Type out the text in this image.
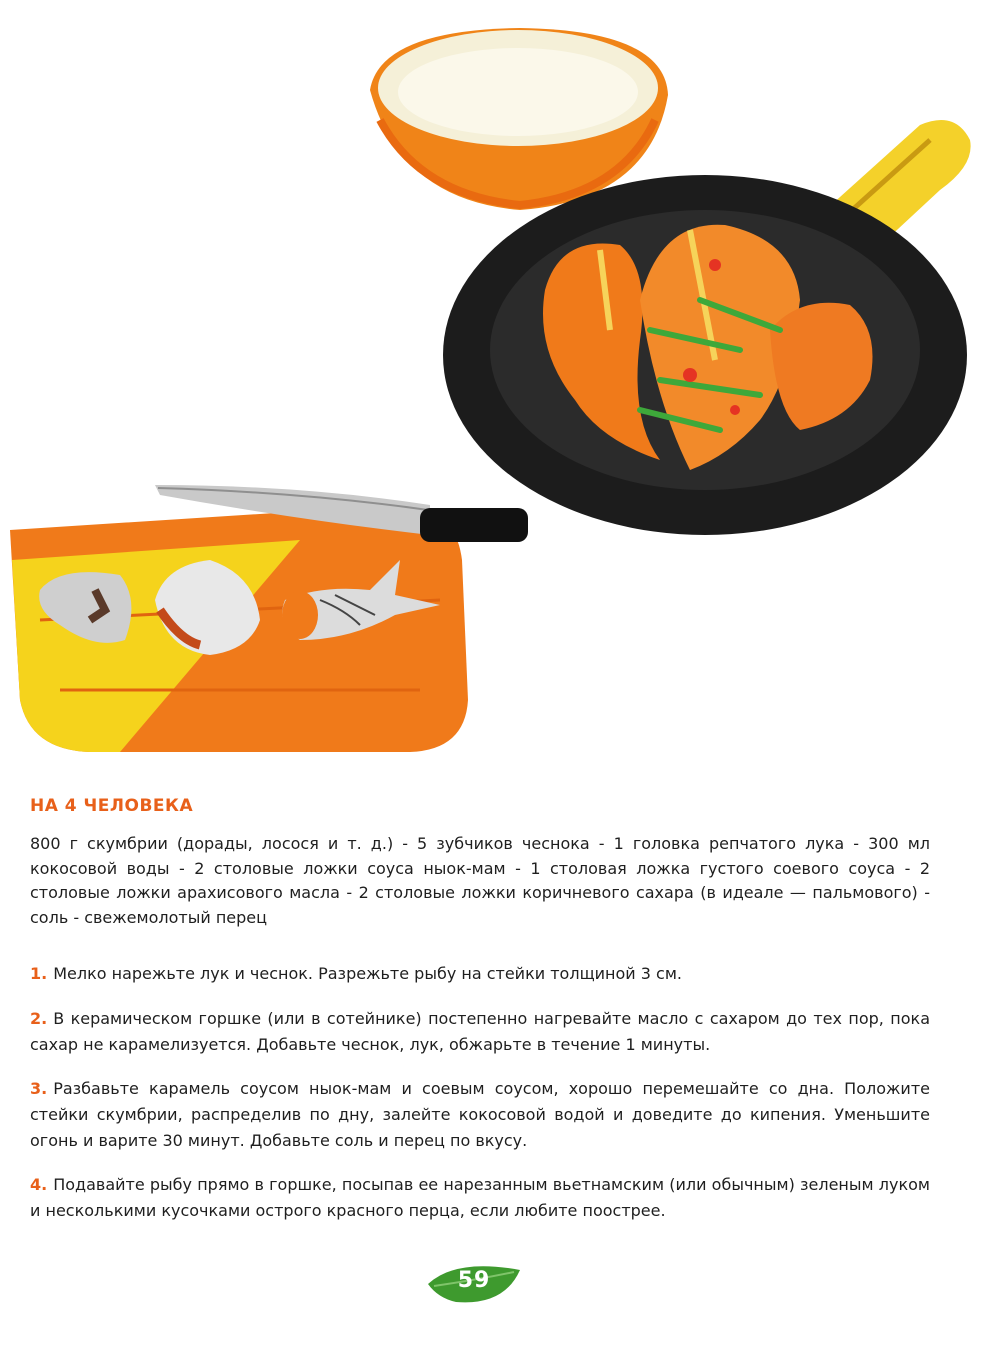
НА 4 ЧЕЛОВЕКА

800 г скумбрии (дорады, лосося и т. д.) - 5 зубчиков чеснока - 1 головка репчатого лука - 300 мл кокосовой воды - 2 столовые ложки соуса ныок-мам - 1 столовая ложка густого соевого соуса - 2 столовые ложки арахисового масла - 2 столовые ложки коричневого сахара (в идеале — пальмового) - соль - свежемолотый перец

1. Мелко нарежьте лук и чеснок. Разрежьте рыбу на стейки толщиной 3 см.

2. В керамическом горшке (или в сотейнике) постепенно нагревайте масло с сахаром до тех пор, пока сахар не карамелизуется. Добавьте чеснок, лук, обжарьте в течение 1 минуты.

3. Разбавьте карамель соусом ныок-мам и соевым соусом, хорошо перемешайте со дна. Положите стейки скумбрии, распределив по дну, залейте кокосовой водой и доведите до кипения. Уменьшите огонь и варите 30 минут. Добавьте соль и перец по вкусу.

4. Подавайте рыбу прямо в горшке, посыпав ее нарезанным вьетнамским (или обычным) зеленым луком и несколькими кусочками острого красного перца, если любите поострее.

59
